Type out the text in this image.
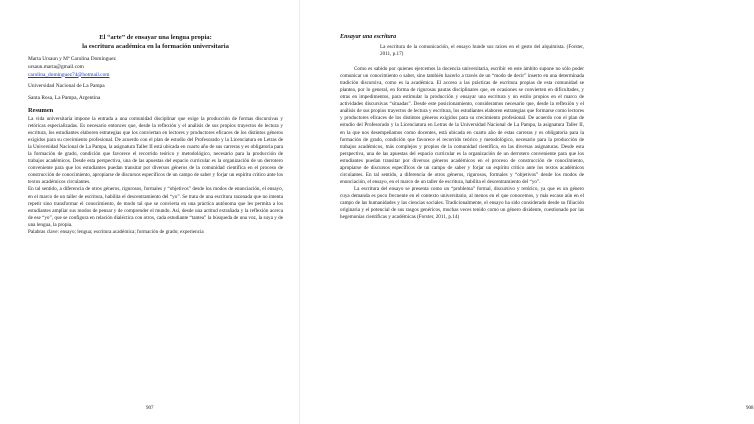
El “arte” de ensayar una lengua propia:

la escritura académica en la formación universitaria

Marta Ursaun y Mª Carolina Domínguez

ursaun.marta@gmail.com

carolina_dominguez74@hotmail.com

Universidad Nacional de La Pampa

Santa Rosa, La Pampa, Argentina

Resumen

La vida universitaria impone la entrada a una comunidad disciplinar que exige la producción de formas discursivas y retóricas especializadas. Es necesario entonces que, desde la reflexión y el análisis de sus propios trayectos de lectura y escritura, los estudiantes elaboren estrategias que los conviertan en lectores y productores eficaces de los distintos géneros exigidos para su crecimiento profesional. De acuerdo con el plan de estudio del Profesorado y la Licenciatura en Letras de la Universidad Nacional de La Pampa, la asignatura Taller II está ubicada en cuarto año de sus carreras y es obligatoria para la formación de grado, condición que favorece el recorrido teórico y metodológico, necesario para la producción de trabajos académicos. Desde esta perspectiva, una de las apuestas del espacio curricular es la organización de un derrotero conveniente para que los estudiantes puedan transitar por diversos géneros de la comunidad científica en el proceso de construcción de conocimiento, apropiarse de discursos específicos de un campo de saber y forjar un espíritu crítico ante los textos académicos circulantes.

En tal sentido, a diferencia de otros géneros, rigurosos, formales y “objetivos” desde los modos de enunciación, el ensayo, en el marco de un taller de escritura, habilita el descentramiento del “yo”. Se trata de una escritura razonada que no intenta repetir sino transformar el conocimiento, de modo tal que se convierta en una práctica autónoma que les permita a los estudiantes ampliar sus modos de pensar y de comprender el mundo. Así, desde una actitud extrañada y la reflexión acerca de ese “yo”, que se configura en relación dialéctica con otros, cada estudiante “tantea” la búsqueda de una voz, la suya y de una lengua, la propia.

Palabras clave: ensayo; lengua; escritura académica; formación de grado; experiencia

907	908

Ensayar una escritura

La escritura de la comunicación, el ensayo hunde sus raíces en el gesto del alquimista. (Forster, 2011, p.17)

Como es sabido por quienes ejercemos la docencia universitaria, escribir en este ámbito supone no sólo poder comunicar un conocimiento o saber, sino también hacerlo a través de un “modo de decir” inserto en una determinada tradición discursiva, como es la académica. El acceso a las prácticas de escritura propias de esta comunidad se plantea, por lo general, en forma de rigurosas pautas disciplinares que, en ocasiones se convierten en dificultades, y otras en impedimentos, para estimular la producción y ensayar una escritura y un estilo propios en el marco de actividades discursivas “situadas”. Desde este posicionamiento, consideramos necesario que, desde la reflexión y el análisis de sus propios trayectos de lectura y escritura, los estudiantes elaboren estrategias que formarse como lectores y productores eficaces de los distintos géneros exigidos para su crecimiento profesional. De acuerdo con el plan de estudio del Profesorado y la Licenciatura en Letras de la Universidad Nacional de La Pampa, la asignatura Taller II, en la que nos desempeñamos como docentes, está ubicada en cuarto año de estas carreras y es obligatoria para la formación de grado, condición que favorece el recorrido teórico y metodológico, necesario para la producción de trabajos académicos, más complejos y propios de la comunidad científica, en las diversas asignaturas. Desde esta perspectiva, una de las apuestas del espacio curricular es la organización de un derrotero conveniente para que los estudiantes puedan transitar por diversos géneros académicos en el proceso de construcción de conocimiento, apropiarse de discursos específicos de un campo de saber y forjar un espíritu crítico ante los textos académicos circulantes. En tal sentido, a diferencia de otros géneros, rigurosos, formales y “objetivos” desde los modos de enunciación, el ensayo, en el marco de un taller de escritura, habilita el descentramiento del “yo”.

La escritura del ensayo se presenta como un “problema” formal, discursivo y retórico, ya que es un género cuya demanda es poco frecuente en el contexto universitario, al menos en el que conocemos, y más escaso aún en el campo de las humanidades y las ciencias sociales. Tradicionalmente, el ensayo ha sido considerado desde su filiación originaria y el potencial de sus rasgos genéricos, muchas veces tenido como un género disidente, cuestionado por las hegemonías científicas y académicas (Forster, 2011, p.14)
